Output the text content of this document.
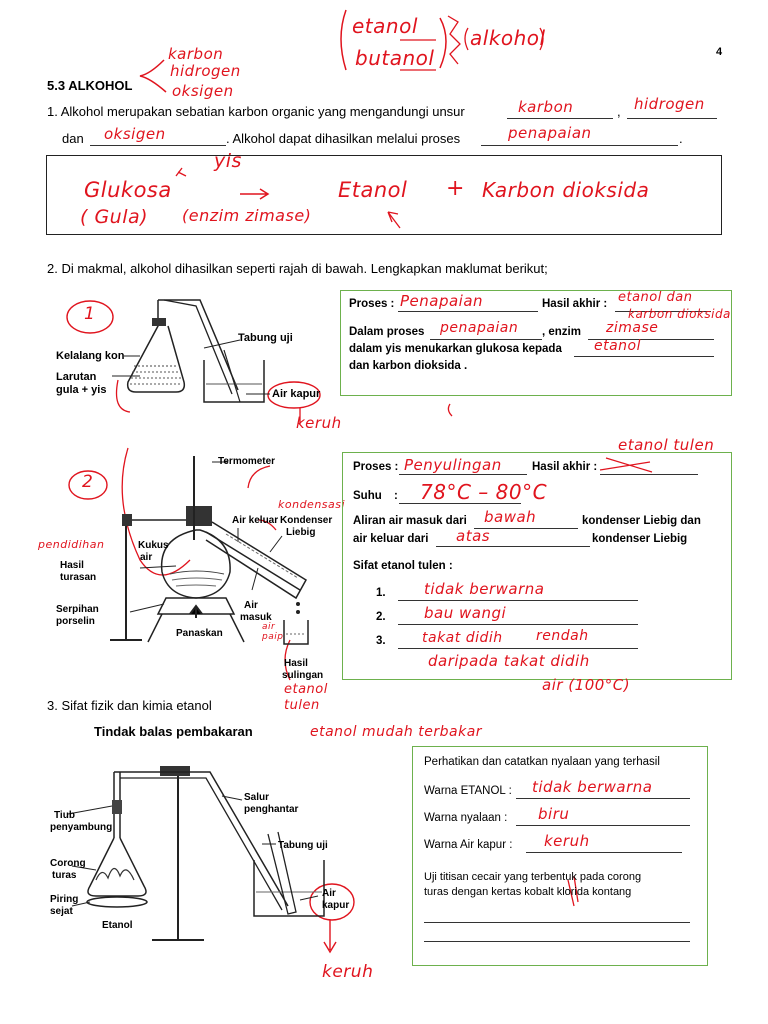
etanol
butanol
alkohol
karbon
hidrogen
oksigen
4
5.3 ALKOHOL
1. Alkohol merupakan sebatian karbon organic yang mengandungi unsur	karbon	, hidrogen
dan oksigen	. Alkohol dapat dihasilkan melalui proses	penapaian	.
yis
Glukosa
( Gula) (enzim zimase)
Etanol + Karbon dioksida
2. Di makmal, alkohol dihasilkan seperti rajah di bawah. Lengkapkan maklumat berikut;
1
Kelalang kon
Larutan
gula + yis
Tabung uji
Air kapur
keruh
Proses : Penapaian	Hasil akhir : etanol dan
karbon dioksida
Dalam proses penapaian , enzim zimase
dalam yis menukarkan glukosa kepada etanol
dan karbon dioksida .
2
Termometer
Air keluar Kondenser
Liebig
Kukus
air
Hasil
turasan
Serpihan
porselin
Panaskan
Air
masuk
Hasil
sulingan
pendidihan
kondensasi
air paip
etanol tulen
etanol tulen
Proses : Penyulingan	Hasil akhir :
Suhu : 78°C – 80°C
Aliran air masuk dari bawah	kondenser Liebig dan
air keluar dari atas	kondenser Liebig
Sifat etanol tulen :
1.	tidak berwarna
2.	bau wangi
3.	takat didih rendah
daripada takat didih
air (100°C)
3. Sifat fizik dan kimia etanol
Tindak balas pembakaran	etanol mudah terbakar
Tiub
penyambung
Corong
turas
Piring
sejat
Etanol
Salur
penghantar
Tabung uji
Air
kapur
keruh
Perhatikan dan catatkan nyalaan yang terhasil
Warna ETANOL : tidak berwarna
Warna nyalaan : biru
Warna Air kapur : keruh
Uji titisan cecair yang terbentuk pada corong
turas dengan kertas kobalt klorida kontang
